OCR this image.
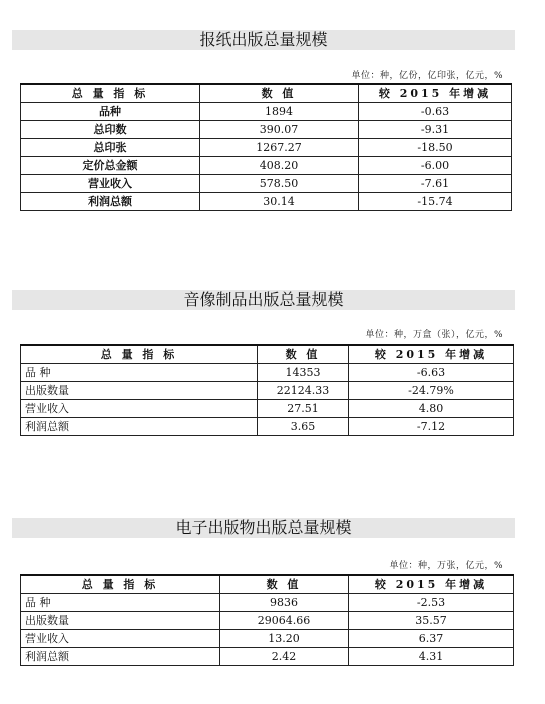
报纸出版总量规模
单位：种，亿份，亿印张，亿元，%
总 量 指 标	数 值	较 2015 年增减
品种	1894	-0.63
总印数	390.07	-9.31
总印张	1267.27	-18.50
定价总金额	408.20	-6.00
营业收入	578.50	-7.61
利润总额	30.14	-15.74
音像制品出版总量规模
单位：种，万盒（张），亿元，%
总 量 指 标	数 值	较 2015 年增减
品 种	14353	-6.63
出版数量	22124.33	-24.79%
营业收入	27.51	4.80
利润总额	3.65	-7.12
电子出版物出版总量规模
单位：种，万张，亿元，%
总 量 指 标	数 值	较 2015 年增减
品 种	9836	-2.53
出版数量	29064.66	35.57
营业收入	13.20	6.37
利润总额	2.42	4.31
